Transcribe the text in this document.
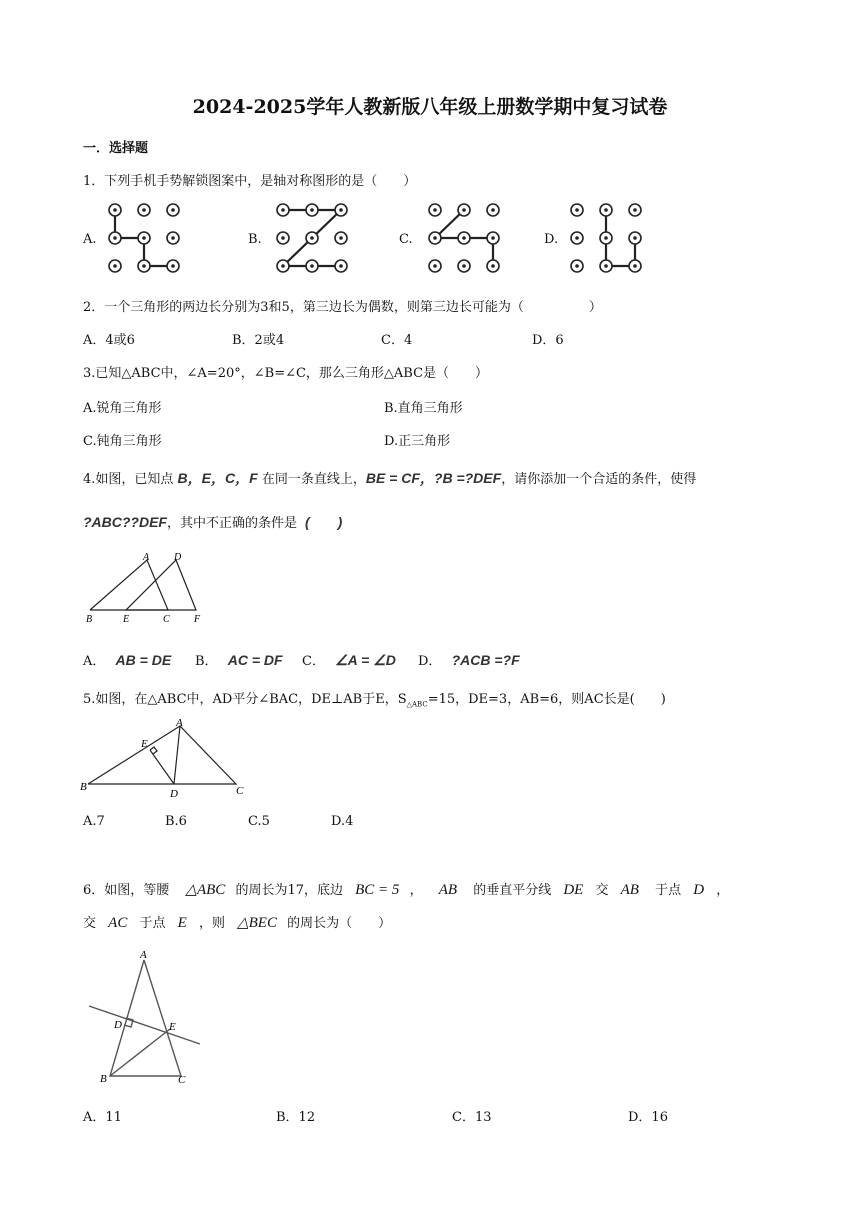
2024-2025学年人教新版八年级上册数学期中复习试卷
一．选择题
1．下列手机手势解锁图案中，是轴对称图形的是（　　）
A.	B.	C.	D.
2．一个三角形的两边长分别为3和5，第三边长为偶数，则第三边长可能为（　　　　　）
A．4或6	B．2或4	C．4	D．6
3.已知△ABC中，∠A=20°，∠B=∠C，那么三角形△ABC是（　　）
A.锐角三角形	B.直角三角形
C.钝角三角形	D.正三角形
4.如图，已知点 B，E，C，F 在同一条直线上，BE = CF，?B =?DEF，请你添加一个合适的条件，使得
?ABC??DEF，其中不正确的条件是 (　　)
A D
B	E	C F
A． AB = DE B． AC = DF C． ∠A = ∠D D． ?ACB =?F
5.如图，在△ABC中，AD平分∠BAC，DE⊥AB于E，$S_{\triangle ABC}=15$，DE=3，AB=6，则AC长是(　　)
A
E
B
D	C
A.7	B.6	C.5	D.4
6．如图，等腰 △ABC 的周长为17，底边 BC = 5 ， AB 的垂直平分线 DE 交 AB 于点 D ，
交 AC 于点 E ，则 △BEC 的周长为（　　）
A
D	E
B	C
A．11	B．12	C．13	D．16
